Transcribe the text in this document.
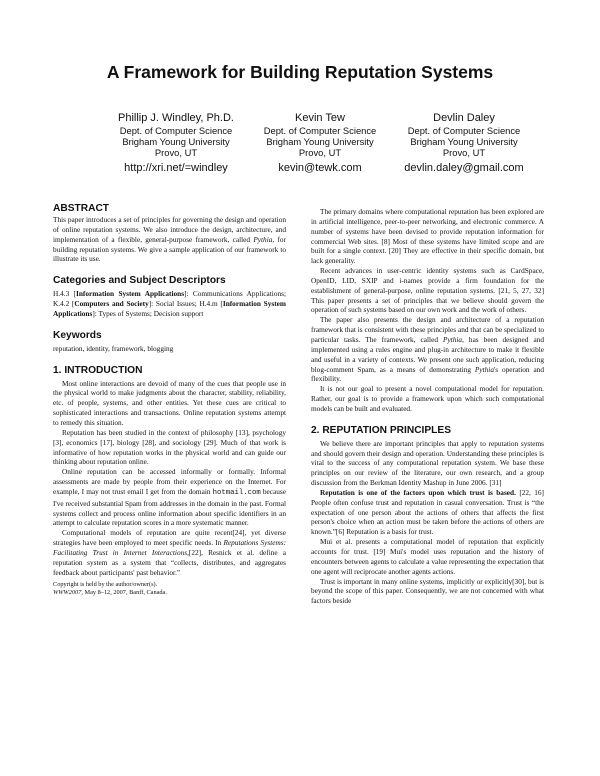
A Framework for Building Reputation Systems
Phillip J. Windley, Ph.D.
Dept. of Computer Science
Brigham Young University
Provo, UT
http://xri.net/=windley
Kevin Tew
Dept. of Computer Science
Brigham Young University
Provo, UT
kevin@tewk.com
Devlin Daley
Dept. of Computer Science
Brigham Young University
Provo, UT
devlin.daley@gmail.com
ABSTRACT

This paper introduces a set of principles for governing the design and operation of online reputation systems. We also introduce the design, architecture, and implementation of a flexible, general-purpose framework, called Pythia, for building reputation systems. We give a sample application of our framework to illustrate its use.

Categories and Subject Descriptors

H.4.3 [Information System Applications]: Communications Applications; K.4.2 [Computers and Society]: Social Issues; H.4.m [Information System Applications]: Types of Systems; Decision support

Keywords

reputation, identity, framework, blogging

1. INTRODUCTION

Most online interactions are devoid of many of the cues that people use in the physical world to make judgments about the character, stability, reliability, etc. of people, systems, and other entities. Yet these cues are critical to sophisticated interactions and transactions. Online reputation systems attempt to remedy this situation.

Reputation has been studied in the context of philosophy [13], psychology [3], economics [17], biology [28], and sociology [29]. Much of that work is informative of how reputation works in the physical world and can guide our thinking about reputation online.

Online reputation can be accessed informally or formally. Informal assessments are made by people from their experience on the Internet. For example, I may not trust email I get from the domain hotmail.com because I've received substantial Spam from addresses in the domain in the past. Formal systems collect and process online information about specific identifiers in an attempt to calculate reputation scores in a more systematic manner.

Computational models of reputation are quite recent[24], yet diverse strategies have been employed to meet specific needs. In Reputations Systems: Facilitating Trust in Internet Interactions,[22], Resnick et al. define a reputation system as a system that “collects, distributes, and aggregates feedback about participants' past behavior.”

Copyright is held by the author/owner(s).
WWW2007, May 8–12, 2007, Banff, Canada.

The primary domains where computational reputation has been explored are in artificial intelligence, peer-to-peer networking, and electronic commerce. A number of systems have been devised to provide reputation information for commercial Web sites. [8] Most of these systems have limited scope and are built for a single context. [20] They are effective in their specific domain, but lack generality.

Recent advances in user-centric identity systems such as CardSpace, OpenID, LID, SXIP and i-names provide a firm foundation for the establishment of general-purpose, online reputation systems. [21, 5, 27, 32] This paper presents a set of principles that we believe should govern the operation of such systems based on our own work and the work of others.

The paper also presents the design and architecture of a reputation framework that is consistent with these principles and that can be specialized to particular tasks. The framework, called Pythia, has been designed and implemented using a rules engine and plug-in architecture to make it flexible and useful in a variety of contexts. We present one such application, reducing blog-comment Spam, as a means of demonstrating Pythia's operation and flexibility.

It is not our goal to present a novel computational model for reputation. Rather, our goal is to provide a framework upon which such computational models can be built and evaluated.

2. REPUTATION PRINCIPLES

We believe there are important principles that apply to reputation systems and should govern their design and operation. Understanding these principles is vital to the success of any computational reputation system. We base these principles on our review of the literature, our own research, and a group discussion from the Berkman Identity Mashup in June 2006. [31]

Reputation is one of the factors upon which trust is based. [22, 16] People often confuse trust and reputation in casual conversation. Trust is “the expectation of one person about the actions of others that affects the first person's choice when an action must be taken before the actions of others are known.”[6] Reputation is a basis for trust.

Mui et al. presents a computational model of reputation that explicitly accounts for trust. [19] Mui's model uses reputation and the history of encounters between agents to calculate a value representing the expectation that one agent will reciprocate another agents actions.

Trust is important in many online systems, implicitly or explicitly[30], but is beyond the scope of this paper. Consequently, we are not concerned with what factors beside
